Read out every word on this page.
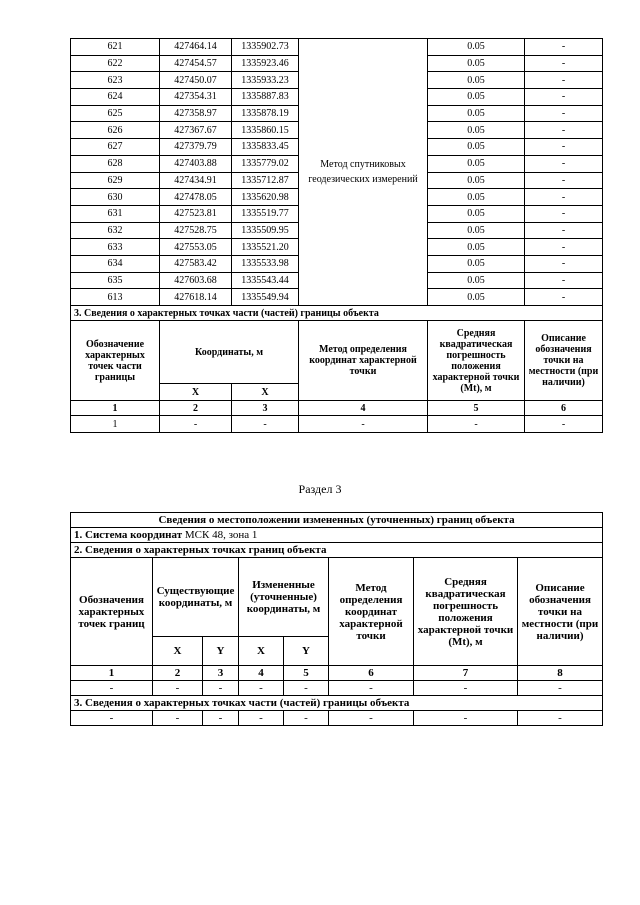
621	427464.14	1335902.73	Метод спутниковых геодезических измерений	0.05	-
622	427454.57	1335923.46		0.05	-
623	427450.07	1335933.23		0.05	-
624	427354.31	1335887.83		0.05	-
625	427358.97	1335878.19		0.05	-
626	427367.67	1335860.15		0.05	-
627	427379.79	1335833.45		0.05	-
628	427403.88	1335779.02		0.05	-
629	427434.91	1335712.87		0.05	-
630	427478.05	1335620.98		0.05	-
631	427523.81	1335519.77		0.05	-
632	427528.75	1335509.95		0.05	-
633	427553.05	1335521.20		0.05	-
634	427583.42	1335533.98		0.05	-
635	427603.68	1335543.44		0.05	-
613	427618.14	1335549.94		0.05	-
3. Сведения о характерных точках части (частей) границы объекта					
Обозначение характерных точек части границы	Координаты, м		Метод определения координат характерной точки	Средняя квадратическая погрешность положения характерной точки (Mt), м	Описание обозначения точки на местности (при наличии)
	X	X			
1	2	3	4	5	6
1	-	-	-	-	-
Раздел 3
Сведения о местоположении измененных (уточненных) границ объекта							
1. Система координат МСК 48, зона 1							
2. Сведения о характерных точках границ объекта							
Обозначения характерных точек границ	Существующие координаты, м		Измененные (уточненные) координаты, м		Метод определения координат характерной точки	Средняя квадратическая погрешность положения характерной точки (Mt), м	Описание обозначения точки на местности (при наличии)
	X	Y	X	Y			
1	2	3	4	5	6	7	8
-	-	-	-	-	-	-	-
3. Сведения о характерных точках части (частей) границы объекта							
-	-	-	-	-	-	-	-
